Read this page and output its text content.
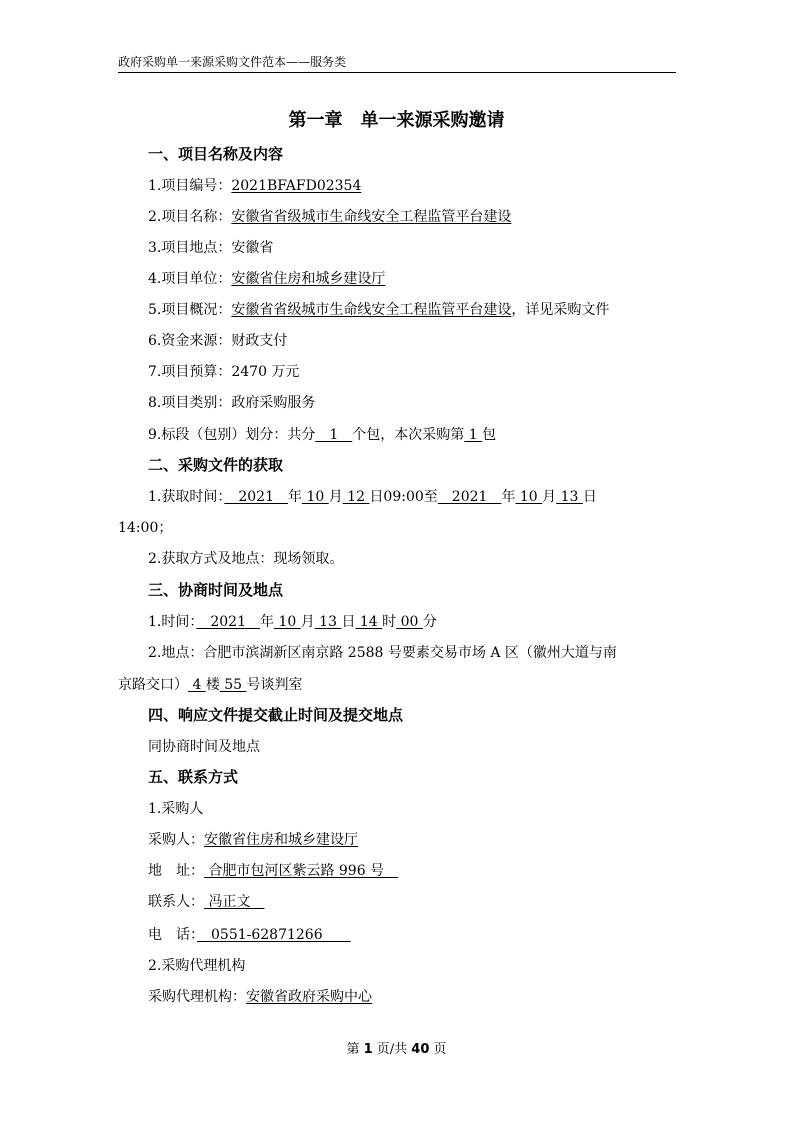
政府采购单一来源采购文件范本——服务类
第一章　单一来源采购邀请
一、项目名称及内容
1.项目编号：2021BFAFD02354
2.项目名称：安徽省省级城市生命线安全工程监管平台建设
3.项目地点：安徽省
4.项目单位：安徽省住房和城乡建设厅
5.项目概况：安徽省省级城市生命线安全工程监管平台建设，详见采购文件
6.资金来源：财政支付
7.项目预算：2470 万元
8.项目类别：政府采购服务
9.标段（包别）划分：共分　1　个包，本次采购第 1 包
二、采购文件的获取
1.获取时间：　2021　年 10 月 12 日09:00至　2021　年 10 月 13 日
14:00；
2.获取方式及地点：现场领取。
三、协商时间及地点
1.时间：　2021　年 10 月 13 日 14 时 00 分
2.地点：合肥市滨湖新区南京路 2588 号要素交易市场 A 区（徽州大道与南
京路交口） 4 楼 55 号谈判室
四、响应文件提交截止时间及提交地点
同协商时间及地点
五、联系方式
1.采购人
采购人：安徽省住房和城乡建设厅
地　址： 合肥市包河区紫云路 996 号　
联系人： 冯正文　
电　话：　0551-62871266　　
2.采购代理机构
采购代理机构：安徽省政府采购中心
第 1 页/共 40 页
